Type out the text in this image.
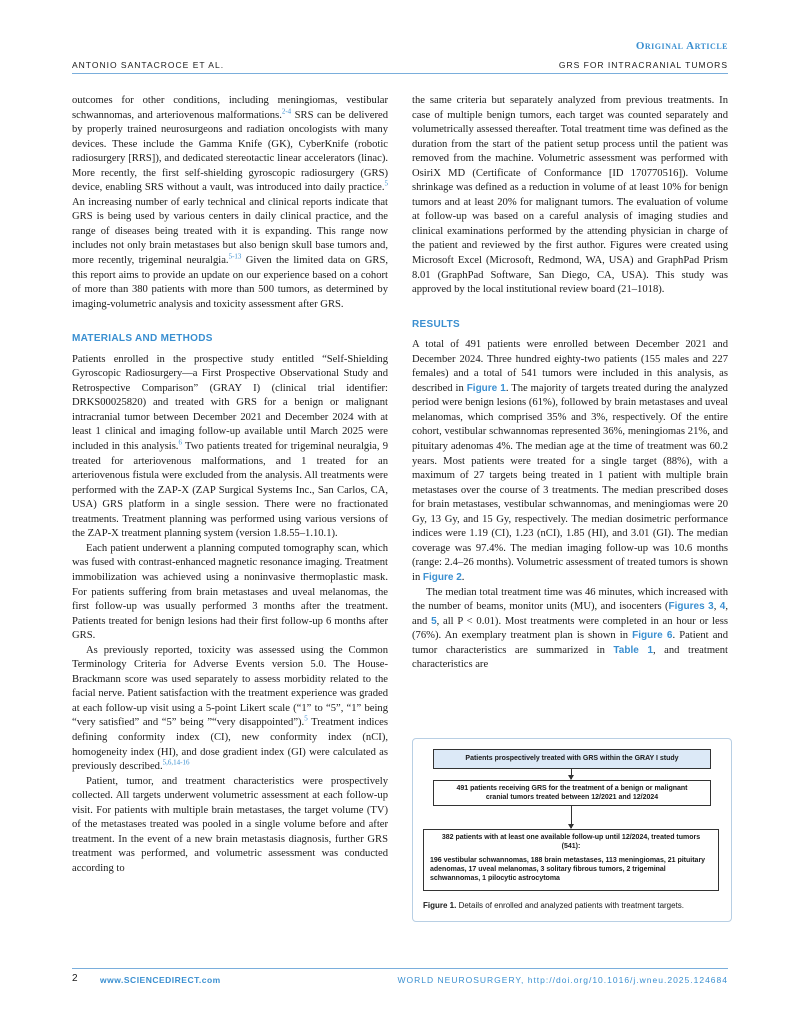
Original Article
ANTONIO SANTACROCE ET AL.	GRS FOR INTRACRANIAL TUMORS

outcomes for other conditions, including meningiomas, vestibular schwannomas, and arteriovenous malformations.$^{2-4}$ SRS can be delivered by properly trained neurosurgeons and radiation oncologists with many devices. These include the Gamma Knife (GK), CyberKnife (robotic radiosurgery [RRS]), and dedicated stereotactic linear accelerators (linac). More recently, the first self-shielding gyroscopic radiosurgery (GRS) device, enabling SRS without a vault, was introduced into daily practice.$^5$ An increasing number of early technical and clinical reports indicate that GRS is being used by various centers in daily clinical practice, and the range of diseases being treated with it is expanding. This range now includes not only brain metastases but also benign skull base tumors and, more recently, trigeminal neuralgia.$^{5-13}$ Given the limited data on GRS, this report aims to provide an update on our experience based on a cohort of more than 380 patients with more than 500 tumors, as determined by imaging-volumetric analysis and toxicity assessment after GRS.

MATERIALS AND METHODS

Patients enrolled in the prospective study entitled “Self-Shielding Gyroscopic Radiosurgery—a First Prospective Observational Study and Retrospective Comparison” (GRAY I) (clinical trial identifier: DRKS00025820) and treated with GRS for a benign or malignant intracranial tumor between December 2021 and December 2024 with at least 1 clinical and imaging follow-up available until March 2025 were included in this analysis.$^6$ Two patients treated for trigeminal neuralgia, 9 treated for arteriovenous malformations, and 1 treated for an arteriovenous fistula were excluded from the analysis. All treatments were performed with the ZAP-X (ZAP Surgical Systems Inc., San Carlos, CA, USA) GRS platform in a single session. There were no fractionated treatments. Treatment planning was performed using various versions of the ZAP-X treatment planning system (version 1.8.55–1.10.1).

Each patient underwent a planning computed tomography scan, which was fused with contrast-enhanced magnetic resonance imaging. Treatment immobilization was achieved using a noninvasive thermoplastic mask. For patients suffering from brain metastases and uveal melanomas, the first follow-up was usually performed 3 months after the treatment. Patients treated for benign lesions had their first follow-up 6 months after GRS.

As previously reported, toxicity was assessed using the Common Terminology Criteria for Adverse Events version 5.0. The House-Brackmann score was used separately to assess morbidity related to the facial nerve. Patient satisfaction with the treatment experience was graded at each follow-up visit using a 5-point Likert scale (“1” to “5”, “1” being “very satisfied” and “5” being ”“very disappointed”).$^5$ Treatment indices defining conformity index (CI), new conformity index (nCI), homogeneity index (HI), and dose gradient index (GI) were calculated as previously described.$^{5,6,14-16}$

Patient, tumor, and treatment characteristics were prospectively collected. All targets underwent volumetric assessment at each follow-up visit. For patients with multiple brain metastases, the target volume (TV) of the metastases treated was pooled in a single volume before and after treatment. In the event of a new brain metastasis diagnosis, further GRS treatment was performed, and volumetric assessment was conducted according to

the same criteria but separately analyzed from previous treatments. In case of multiple benign tumors, each target was counted separately and volumetrically assessed thereafter. Total treatment time was defined as the duration from the start of the patient setup process until the patient was removed from the machine. Volumetric assessment was performed with OsiriX MD (Certificate of Conformance [ID 170770516]). Volume shrinkage was defined as a reduction in volume of at least 10% for benign tumors and at least 20% for malignant tumors. The evaluation of volume at follow-up was based on a careful analysis of imaging studies and clinical examinations performed by the attending physician in charge of the patient and reviewed by the first author. Figures were created using Microsoft Excel (Microsoft, Redmond, WA, USA) and GraphPad Prism 8.01 (GraphPad Software, San Diego, CA, USA). This study was approved by the local institutional review board (21–1018).

RESULTS

A total of 491 patients were enrolled between December 2021 and December 2024. Three hundred eighty-two patients (155 males and 227 females) and a total of 541 tumors were included in this analysis, as described in Figure 1. The majority of targets treated during the analyzed period were benign lesions (61%), followed by brain metastases and uveal melanomas, which comprised 35% and 3%, respectively. Of the entire cohort, vestibular schwannomas represented 36%, meningiomas 21%, and pituitary adenomas 4%. The median age at the time of treatment was 60.2 years. Most patients were treated for a single target (88%), with a maximum of 27 targets being treated in 1 patient with multiple brain metastases over the course of 3 treatments. The median prescribed doses for brain metastases, vestibular schwannomas, and meningiomas were 20 Gy, 13 Gy, and 15 Gy, respectively. The median dosimetric performance indices were 1.19 (CI), 1.23 (nCI), 1.85 (HI), and 3.01 (GI). The median coverage was 97.4%. The median imaging follow-up was 10.6 months (range: 2.4–26 months). Volumetric assessment of treated tumors is shown in Figure 2.

The median total treatment time was 46 minutes, which increased with the number of beams, monitor units (MU), and isocenters (Figures 3, 4, and 5, all P < 0.01). Most treatments were completed in an hour or less (76%). An exemplary treatment plan is shown in Figure 6. Patient and tumor characteristics are summarized in Table 1, and treatment characteristics are

Patients prospectively treated with GRS within the GRAY I study
491 patients receiving GRS for the treatment of a benign or malignant
cranial tumors treated between 12/2021 and 12/2024
382 patients with at least one available follow-up until 12/2024, treated tumors
(541):
196 vestibular schwannomas, 188 brain metastases, 113 meningiomas, 21 pituitary adenomas, 17 uveal melanomas, 3 solitary fibrous tumors, 2 trigeminal schwannomas, 1 pilocytic astrocytoma
Figure 1. Details of enrolled and analyzed patients with treatment targets.
2	www.SCIENCEDIRECT.com	WORLD NEUROSURGERY, http://doi.org/10.1016/j.wneu.2025.124684
